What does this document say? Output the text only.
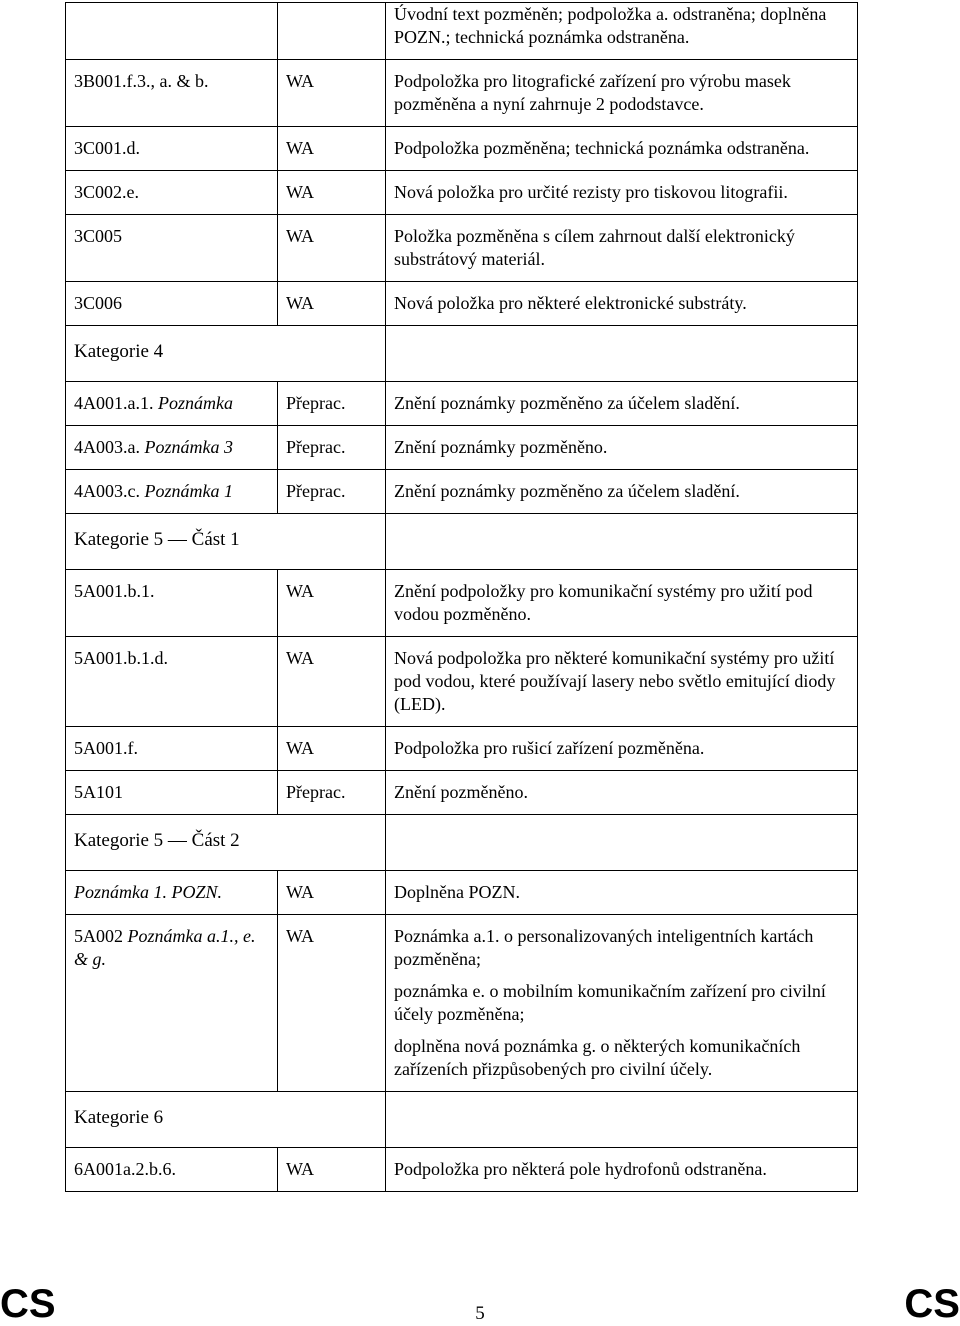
		Úvodní text pozměněn; podpoložka a. odstraněna; doplněna POZN.; technická poznámka odstraněna.

3B001.f.3., a. & b.	WA	Podpoložka pro litografické zařízení pro výrobu masek pozměněna a nyní zahrnuje 2 pododstavce.

3C001.d.	WA	Podpoložka pozměněna; technická poznámka odstraněna.

3C002.e.	WA	Nová položka pro určité rezisty pro tiskovou litografii.

3C005	WA	Položka pozměněna s cílem zahrnout další elektronický substrátový materiál.

3C006	WA	Nová položka pro některé elektronické substráty.

Kategorie 4		
4A001.a.1. Poznámka	Přeprac.	Znění poznámky pozměněno za účelem sladění.

4A003.a. Poznámka 3	Přeprac.	Znění poznámky pozměněno.

4A003.c. Poznámka 1	Přeprac.	Znění poznámky pozměněno za účelem sladění.

Kategorie 5 — Část 1		
5A001.b.1.	WA	Znění podpoložky pro komunikační systémy pro užití pod vodou pozměněno.

5A001.b.1.d.	WA	Nová podpoložka pro některé komunikační systémy pro užití pod vodou, které používají lasery nebo světlo emitující diody (LED).

5A001.f.	WA	Podpoložka pro rušicí zařízení pozměněna.

5A101	Přeprac.	Znění pozměněno.

Kategorie 5 — Část 2		
Poznámka 1. POZN.	WA	Doplněna POZN.

5A002 Poznámka a.1., e. & g.	WA	Poznámka a.1. o personalizovaných inteligentních kartách pozměněna;

poznámka e. o mobilním komunikačním zařízení pro civilní účely pozměněna;

doplněna nová poznámka g. o některých komunikačních zařízeních přizpůsobených pro civilní účely.

Kategorie 6		
6A001a.2.b.6.	WA	Podpoložka pro některá pole hydrofonů odstraněna.

CS	5	CS
